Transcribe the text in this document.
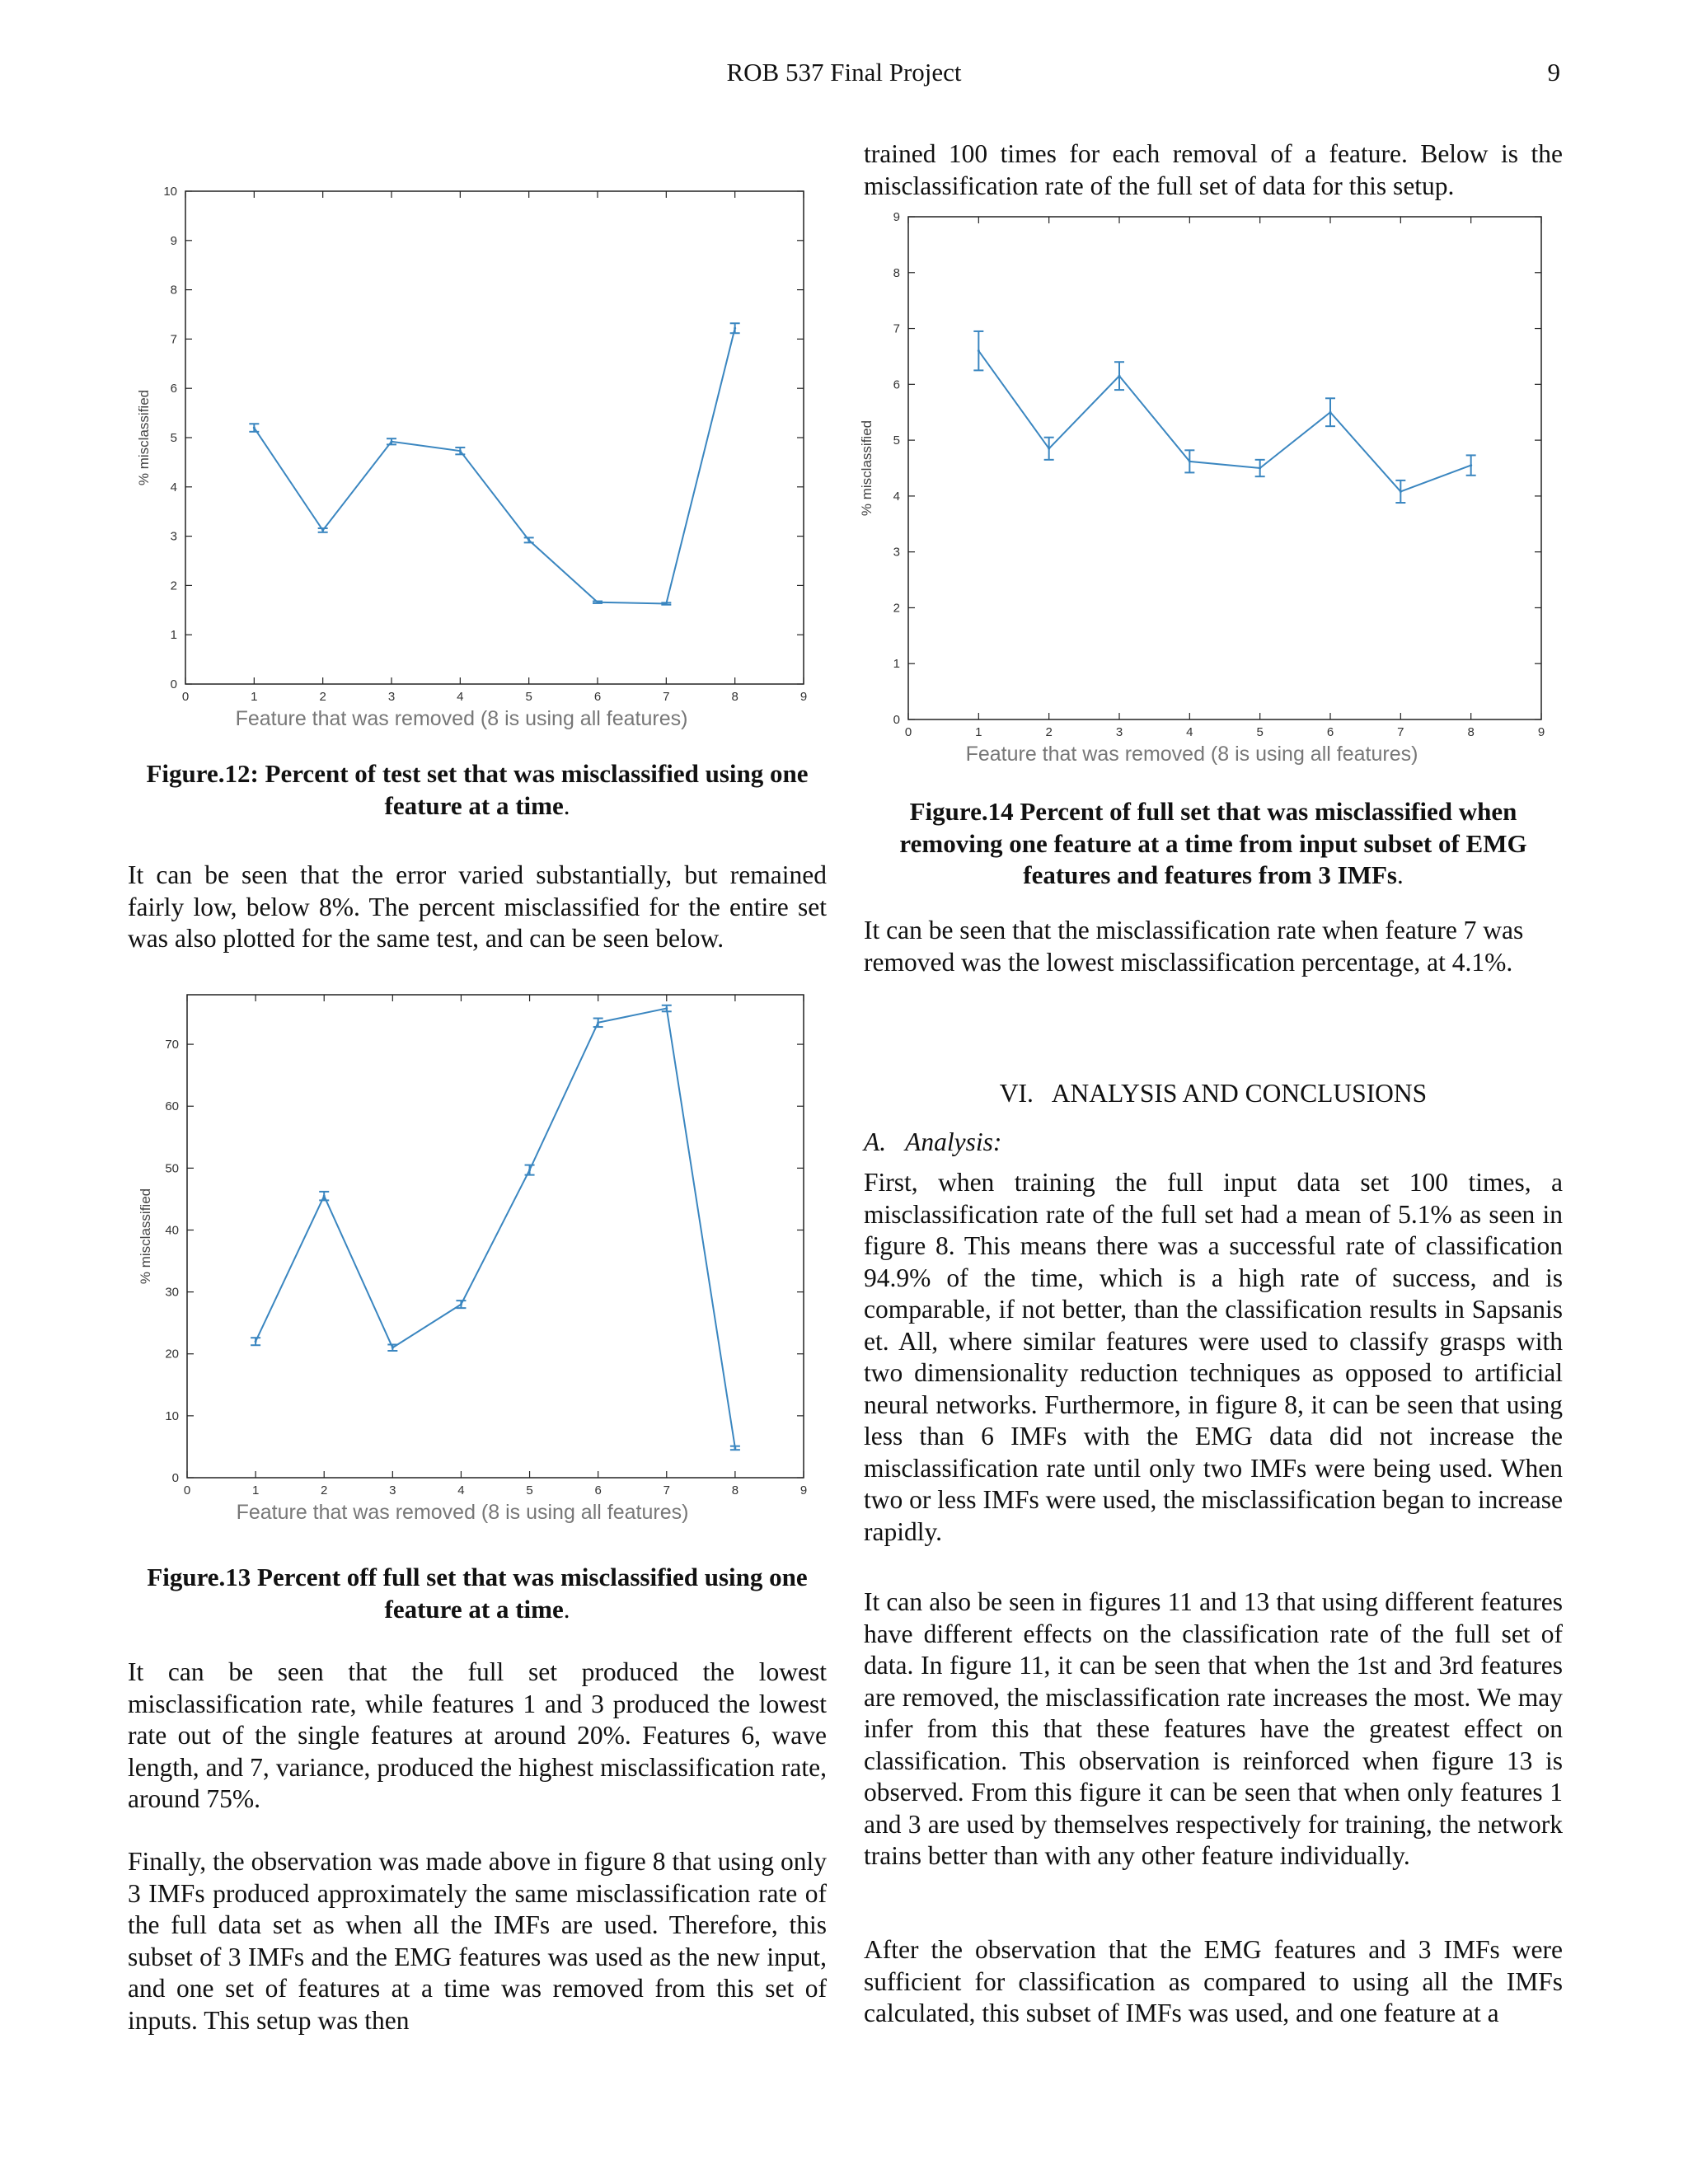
ROB 537 Final Project	9
0	1	2	3	4	5	6	7	8	9
0
1
2
3
4
5
6
7
8
9
10
Feature that was removed (8 is using all features)
% misclassified

Figure.12: Percent of test set that was misclassified using one feature at a time.

It can be seen that the error varied substantially, but remained fairly low, below 8%. The percent misclassified for the entire set was also plotted for the same test, and can be seen below.

0	1	2	3	4	5	6	7	8	9
0
10
20
30
40
50
60
70
Feature that was removed (8 is using all features)
% misclassified

Figure.13 Percent off full set that was misclassified using one feature at a time.

It can be seen that the full set produced the lowest misclassification rate, while features 1 and 3 produced the lowest rate out of the single features at around 20%. Features 6, wave length, and 7, variance, produced the highest misclassification rate, around 75%.

Finally, the observation was made above in figure 8 that using only 3 IMFs produced approximately the same misclassification rate of the full data set as when all the IMFs are used. Therefore, this subset of 3 IMFs and the EMG features was used as the new input, and one set of features at a time was removed from this set of inputs. This setup was then

trained 100 times for each removal of a feature. Below is the misclassification rate of the full set of data for this setup.

0	1	2	3	4	5	6	7	8	9
0
1
2
3
4
5
6
7
8
9
Feature that was removed (8 is using all features)
% misclassified

Figure.14 Percent of full set that was misclassified when removing one feature at a time from input subset of EMG features and features from 3 IMFs.

It can be seen that the misclassification rate when feature 7 was removed was the lowest misclassification percentage, at 4.1%.

VI.   ANALYSIS AND CONCLUSIONS

A.   Analysis:

First, when training the full input data set 100 times, a misclassification rate of the full set had a mean of 5.1% as seen in figure 8. This means there was a successful rate of classification 94.9% of the time, which is a high rate of success, and is comparable, if not better, than the classification results in Sapsanis et. All, where similar features were used to classify grasps with two dimensionality reduction techniques as opposed to artificial neural networks. Furthermore, in figure 8, it can be seen that using less than 6 IMFs with the EMG data did not increase the misclassification rate until only two IMFs were being used. When two or less IMFs were used, the misclassification began to increase rapidly.

It can also be seen in figures 11 and 13 that using different features have different effects on the classification rate of the full set of data. In figure 11, it can be seen that when the 1st and 3rd features are removed, the misclassification rate increases the most. We may infer from this that these features have the greatest effect on classification. This observation is reinforced when figure 13 is observed. From this figure it can be seen that when only features 1 and 3 are used by themselves respectively for training, the network trains better than with any other feature individually.

After the observation that the EMG features and 3 IMFs were sufficient for classification as compared to using all the IMFs calculated, this subset of IMFs was used, and one feature at a
